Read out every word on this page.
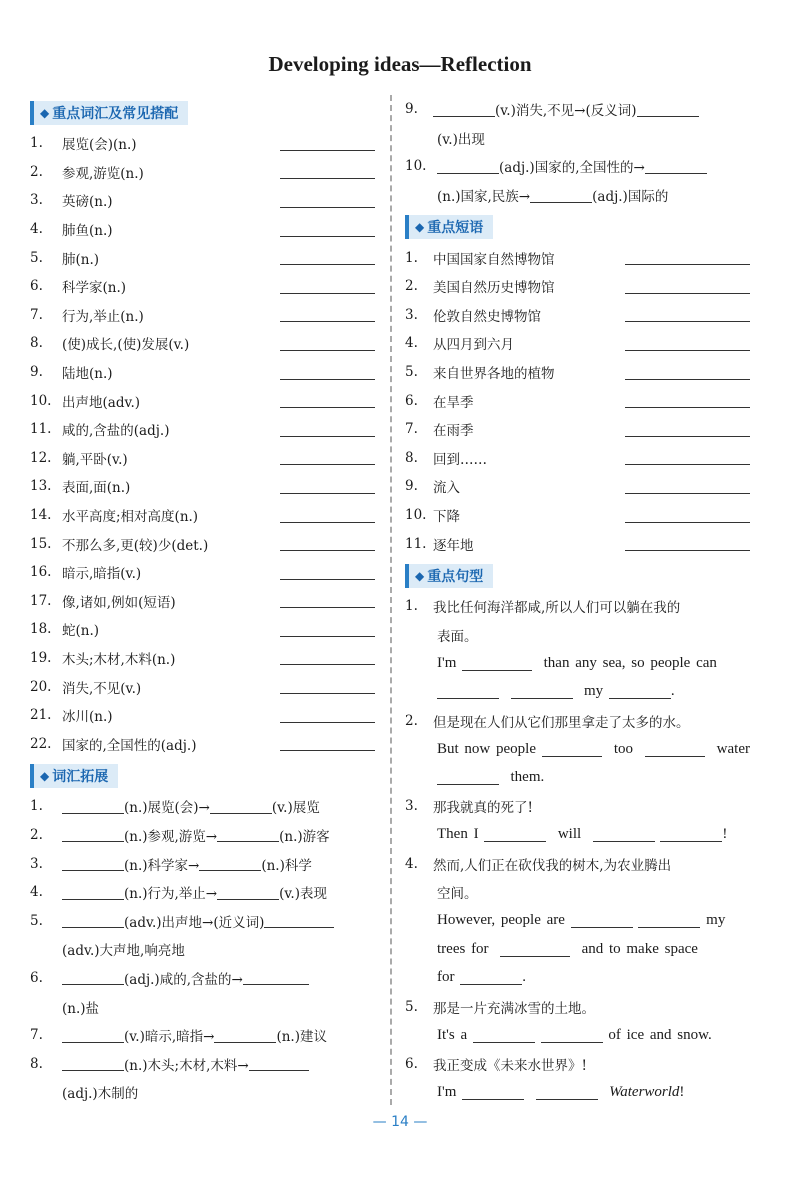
Developing ideas—Reflection
◆ 重点词汇及常见搭配
1.	展览(会)(n.)
2.	参观,游览(n.)
3.	英磅(n.)
4.	肺鱼(n.)
5.	肺(n.)
6.	科学家(n.)
7.	行为,举止(n.)
8.	(使)成长,(使)发展(v.)
9.	陆地(n.)
10. 出声地(adv.)
11. 咸的,含盐的(adj.)
12. 躺,平卧(v.)
13. 表面,面(n.)
14. 水平高度;相对高度(n.)
15. 不那么多,更(较)少(det.)
16. 暗示,暗指(v.)
17. 像,诸如,例如(短语)
18. 蛇(n.)
19. 木头;木材,木料(n.)
20. 消失,不见(v.)
21. 冰川(n.)
22. 国家的,全国性的(adj.)
◆ 词汇拓展
1.	(n.)展览(会)→	(v.)展览
2.	(n.)参观,游览→	(n.)游客
3.	(n.)科学家→	(n.)科学
4.	(n.)行为,举止→	(v.)表现
5.	(adv.)出声地→(近义词)
(adv.)大声地,响亮地
6.	(adj.)咸的,含盐的→
(n.)盐
7.	(v.)暗示,暗指→	(n.)建议
8.	(n.)木头;木材,木料→
(adj.)木制的
9.	(v.)消失,不见→(反义词)
(v.)出现
10.	(adj.)国家的,全国性的→
(n.)国家,民族→	(adj.)国际的
◆ 重点短语
1.	中国国家自然博物馆
2.	美国自然历史博物馆
3.	伦敦自然史博物馆
4.	从四月到六月
5.	来自世界各地的植物
6.	在旱季
7.	在雨季
8.	回到……
9.	流入
10. 下降
11. 逐年地
◆ 重点句型
1.	我比任何海洋都咸,所以人们可以躺在我的
表面。
I'm

	than any sea, so people can

my
	.
2.	但是现在人们从它们那里拿走了太多的水。
But now people

	too

	water

them.
3.	那我就真的死了!
Then I

	will

	!
4.	然而,人们正在砍伐我的树木,为农业腾出
空间。
However, people are

	my
trees for

	and to make space
for
	.
5.	那是一片充满冰雪的土地。
It's a

	of ice and snow.
6.	我正变成《未来水世界》!
I'm

	Waterworld !
— 14 —
